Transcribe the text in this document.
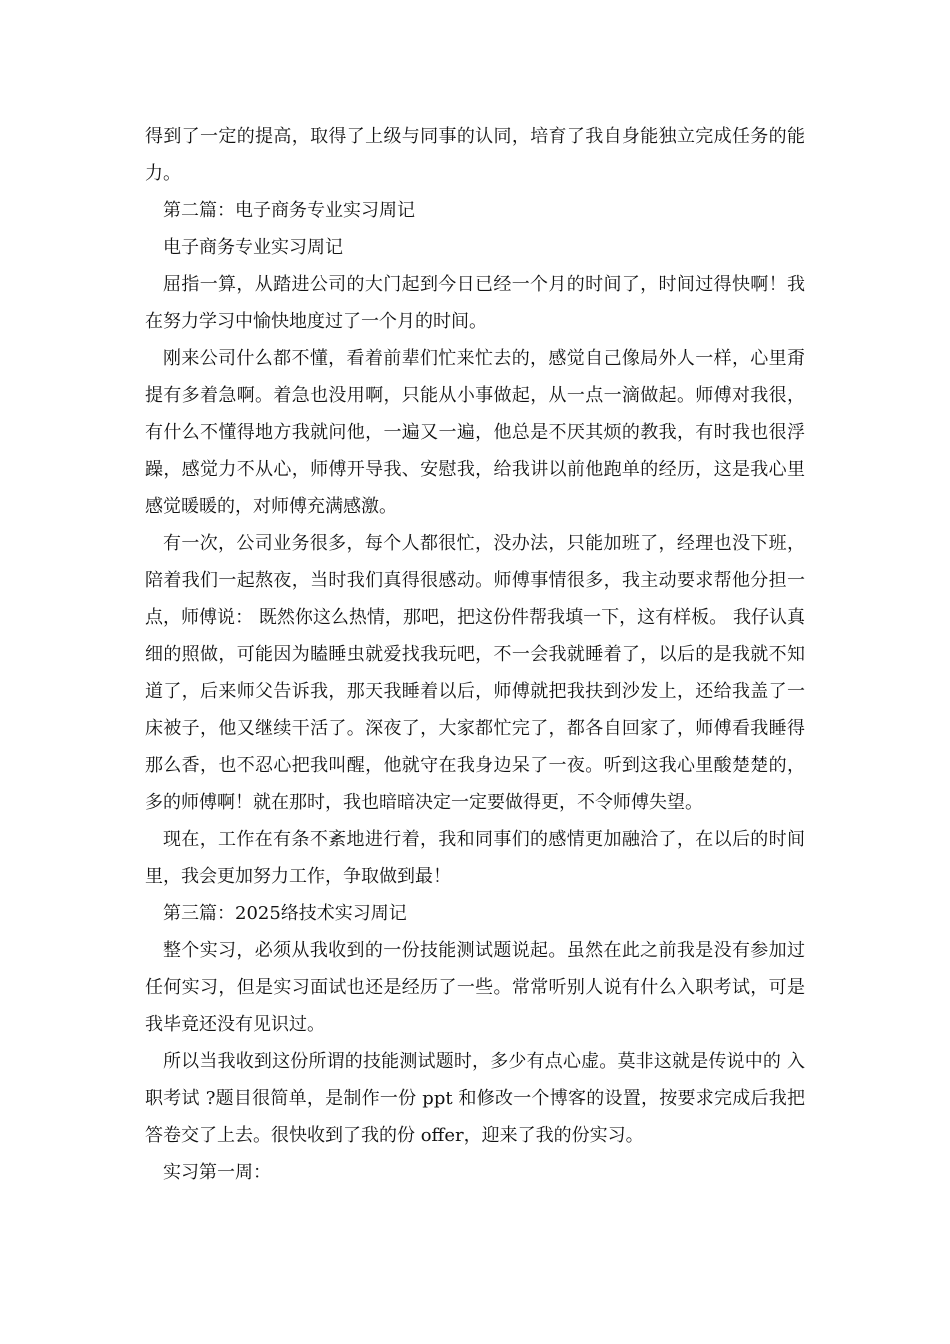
得到了一定的提高，取得了上级与同事的认同，培育了我自身能独立完成任务的能力。

第二篇：电子商务专业实习周记

电子商务专业实习周记

屈指一算，从踏进公司的大门起到今日已经一个月的时间了，时间过得快啊！我在努力学习中愉快地度过了一个月的时间。

刚来公司什么都不懂，看着前辈们忙来忙去的，感觉自己像局外人一样，心里甭提有多着急啊。着急也没用啊，只能从小事做起，从一点一滴做起。师傅对我很，有什么不懂得地方我就问他，一遍又一遍，他总是不厌其烦的教我，有时我也很浮躁，感觉力不从心，师傅开导我、安慰我，给我讲以前他跑单的经历，这是我心里感觉暖暖的，对师傅充满感激。

有一次，公司业务很多，每个人都很忙，没办法，只能加班了，经理也没下班，陪着我们一起熬夜，当时我们真得很感动。师傅事情很多，我主动要求帮他分担一点，师傅说： 既然你这么热情，那吧，把这份件帮我填一下，这有样板。 我仔认真细的照做，可能因为瞌睡虫就爱找我玩吧，不一会我就睡着了，以后的是我就不知道了，后来师父告诉我，那天我睡着以后，师傅就把我扶到沙发上，还给我盖了一床被子，他又继续干活了。深夜了，大家都忙完了，都各自回家了，师傅看我睡得那么香，也不忍心把我叫醒，他就守在我身边呆了一夜。听到这我心里酸楚楚的，多的师傅啊！就在那时，我也暗暗决定一定要做得更，不令师傅失望。

现在，工作在有条不紊地进行着，我和同事们的感情更加融洽了，在以后的时间里，我会更加努力工作，争取做到最！

第三篇：2025络技术实习周记

整个实习，必须从我收到的一份技能测试题说起。虽然在此之前我是没有参加过任何实习，但是实习面试也还是经历了一些。常常听别人说有什么入职考试，可是我毕竟还没有见识过。

所以当我收到这份所谓的技能测试题时，多少有点心虚。莫非这就是传说中的 入职考试 ?题目很简单，是制作一份 ppt 和修改一个博客的设置，按要求完成后我把答卷交了上去。很快收到了我的份 offer，迎来了我的份实习。

实习第一周：
